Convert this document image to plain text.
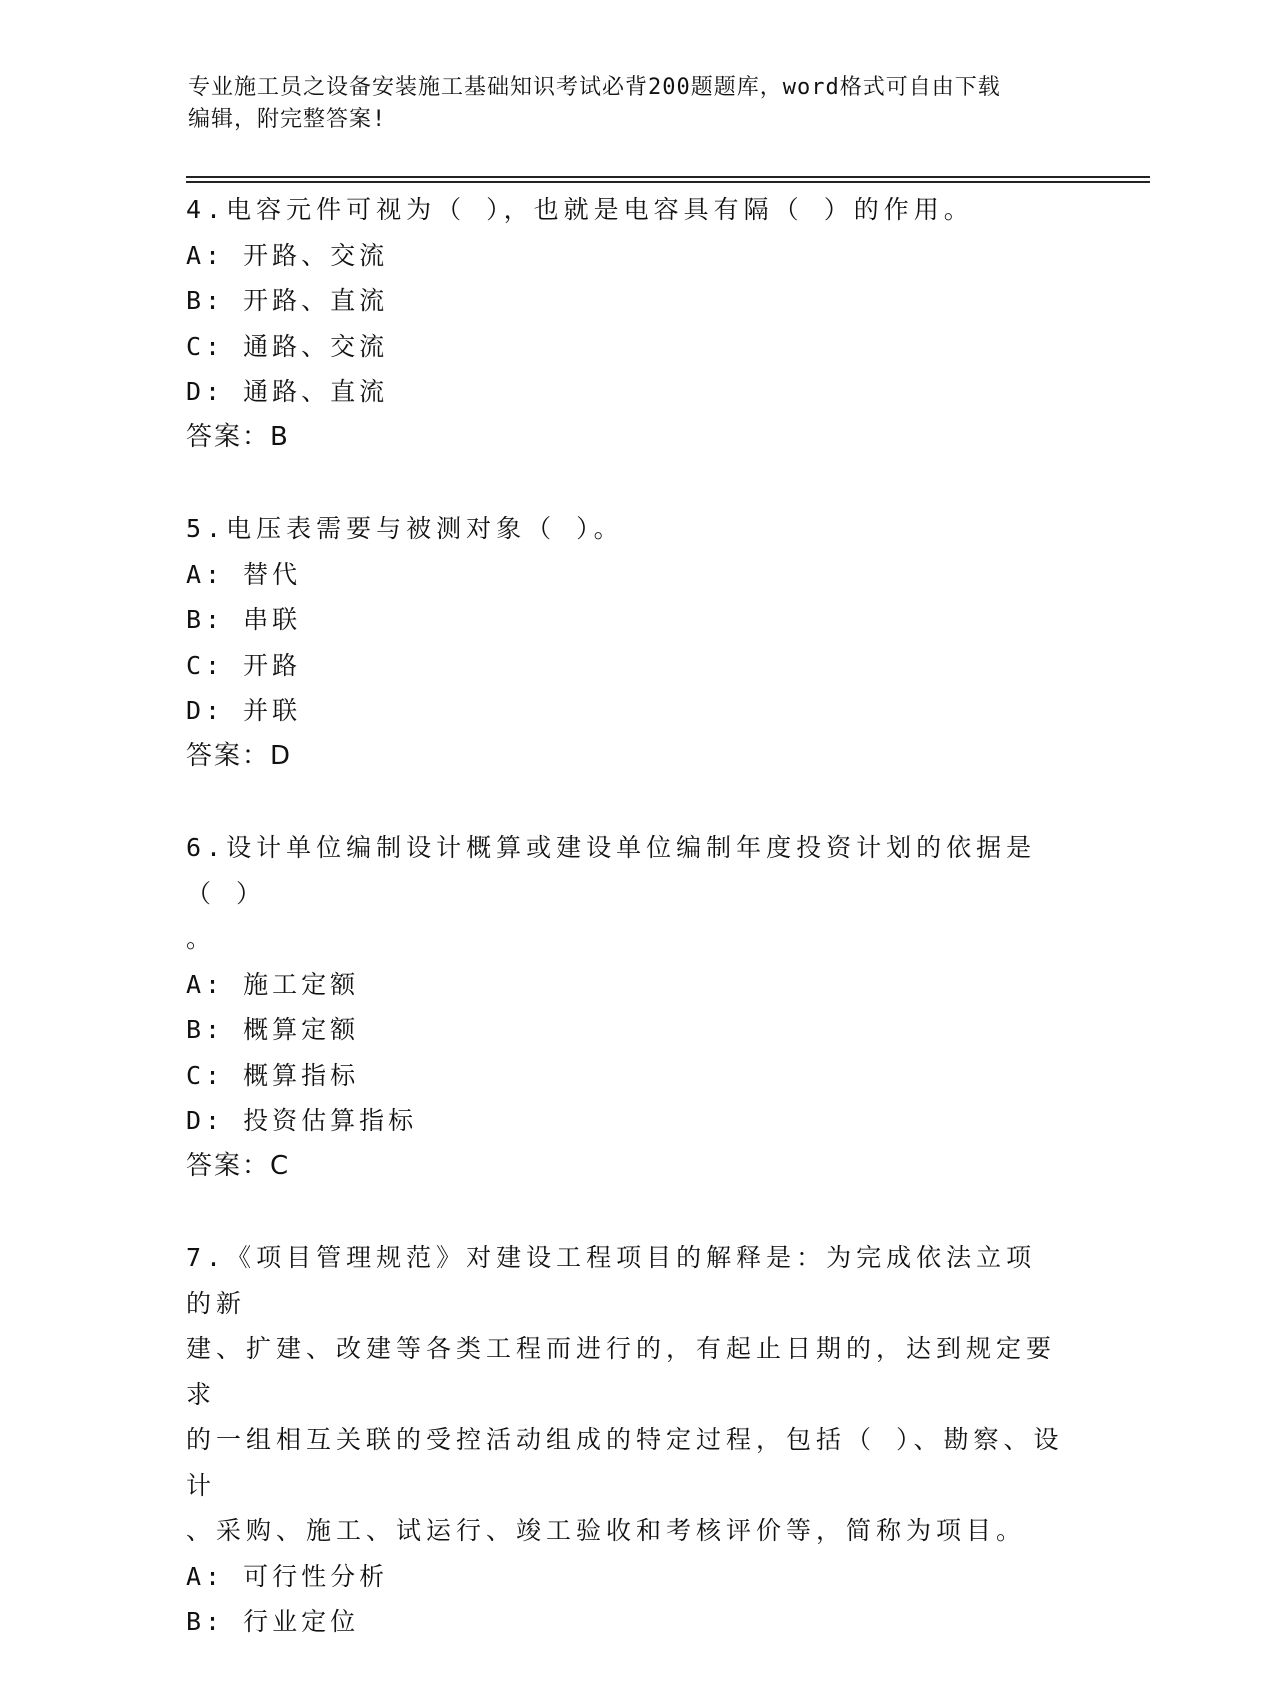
专业施工员之设备安装施工基础知识考试必背200题题库，word格式可自由下载
编辑，附完整答案!
4.电容元件可视为（ ），也就是电容具有隔（ ）的作用。
A: 开路、交流
B: 开路、直流
C: 通路、交流
D: 通路、直流
答案：B
5.电压表需要与被测对象（ ）。
A: 替代
B: 串联
C: 开路
D: 并联
答案：D
6.设计单位编制设计概算或建设单位编制年度投资计划的依据是（ ）
。
A: 施工定额
B: 概算定额
C: 概算指标
D: 投资估算指标
答案：C
7.《项目管理规范》对建设工程项目的解释是：为完成依法立项的新
建、扩建、改建等各类工程而进行的，有起止日期的，达到规定要求
的一组相互关联的受控活动组成的特定过程，包括（ ）、勘察、设计
、采购、施工、试运行、竣工验收和考核评价等，简称为项目。
A: 可行性分析
B: 行业定位
